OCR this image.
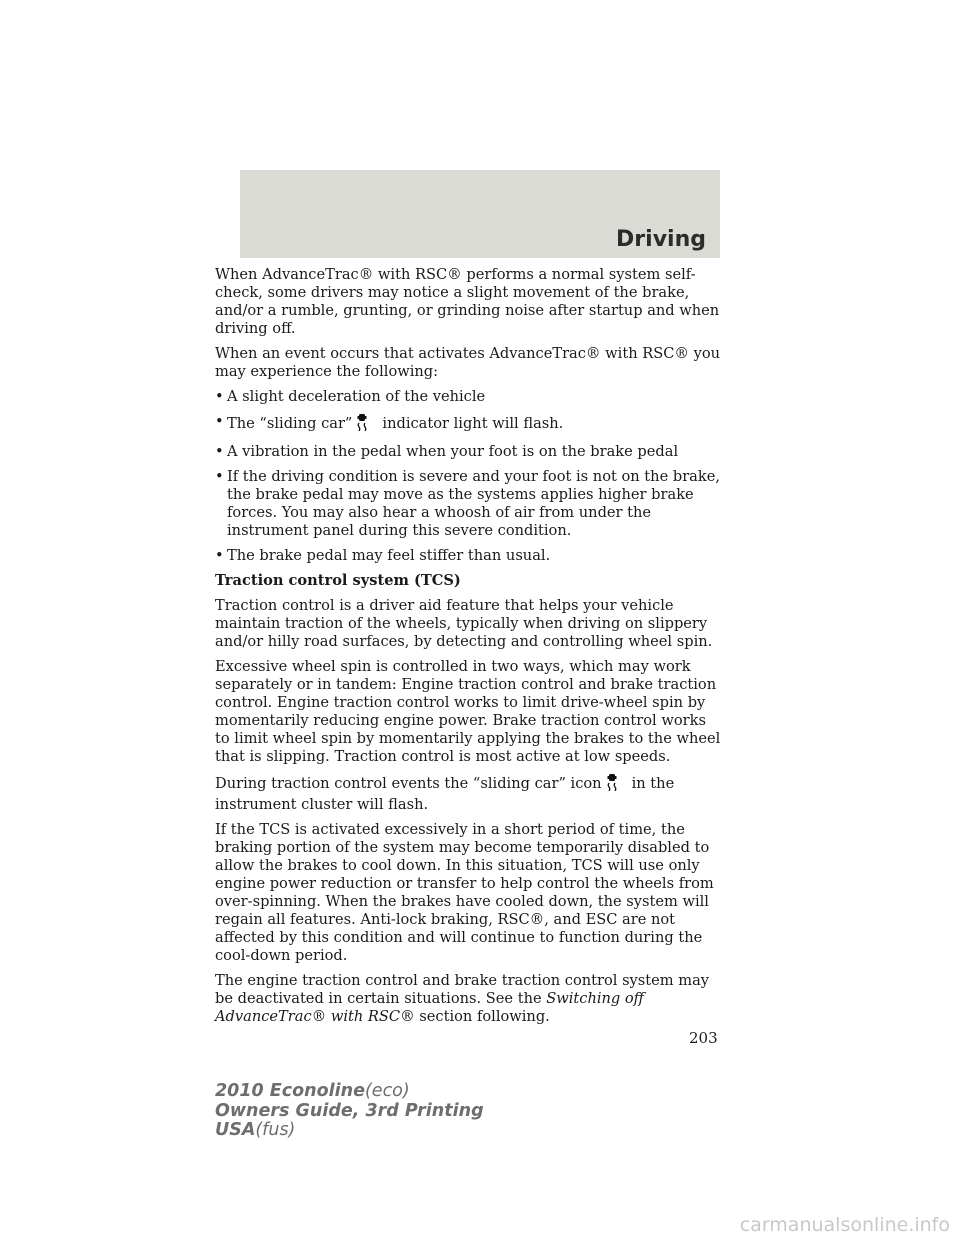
Driving

When AdvanceTrac® with RSC® performs a normal system self-check, some drivers may notice a slight movement of the brake, and/or a rumble, grunting, or grinding noise after startup and when driving off.

When an event occurs that activates AdvanceTrac® with RSC® you may experience the following:

• A slight deceleration of the vehicle
• The “sliding car” indicator light will flash.
• A vibration in the pedal when your foot is on the brake pedal
• If the driving condition is severe and your foot is not on the brake, the brake pedal may move as the systems applies higher brake forces. You may also hear a whoosh of air from under the instrument panel during this severe condition.
• The brake pedal may feel stiffer than usual.
Traction control system (TCS)

Traction control is a driver aid feature that helps your vehicle maintain traction of the wheels, typically when driving on slippery and/or hilly road surfaces, by detecting and controlling wheel spin.

Excessive wheel spin is controlled in two ways, which may work separately or in tandem: Engine traction control and brake traction control. Engine traction control works to limit drive-wheel spin by momentarily reducing engine power. Brake traction control works to limit wheel spin by momentarily applying the brakes to the wheel that is slipping. Traction control is most active at low speeds.

During traction control events the “sliding car” icon in the instrument cluster will flash.

If the TCS is activated excessively in a short period of time, the braking portion of the system may become temporarily disabled to allow the brakes to cool down. In this situation, TCS will use only engine power reduction or transfer to help control the wheels from over-spinning. When the brakes have cooled down, the system will regain all features. Anti-lock braking, RSC®, and ESC are not affected by this condition and will continue to function during the cool-down period.

The engine traction control and brake traction control system may be deactivated in certain situations. See the Switching off AdvanceTrac® with RSC® section following.

203
2010 Econoline(eco)
Owners Guide, 3rd Printing
USA(fus)
carmanualsonline.info
